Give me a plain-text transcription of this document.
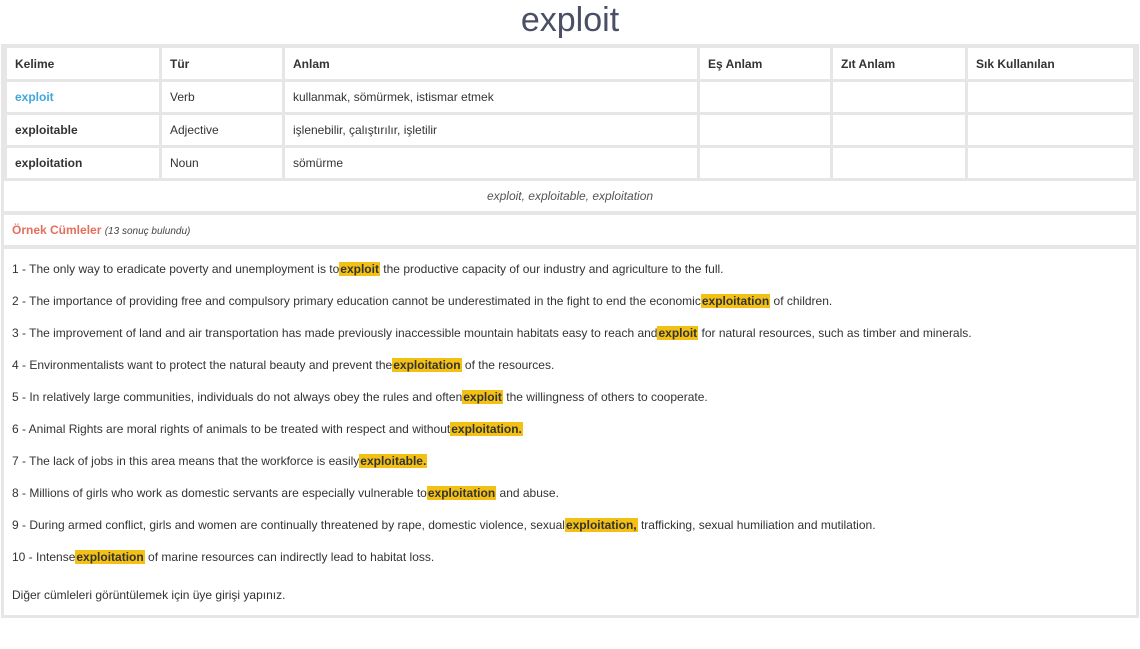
exploit
Kelime	Tür	Anlam	Eş Anlam	Zıt Anlam	Sık Kullanılan
exploit	Verb	kullanmak, sömürmek, istismar etmek			
exploitable	Adjective	işlenebilir, çalıştırılır, işletilir			
exploitation	Noun	sömürme			
exploit, exploitable, exploitation
Örnek Cümleler (13 sonuç bulundu)
1 - The only way to eradicate poverty and unemployment is toexploit the productive capacity of our industry and agriculture to the full.
2 - The importance of providing free and compulsory primary education cannot be underestimated in the fight to end the economicexploitation of children.
3 - The improvement of land and air transportation has made previously inaccessible mountain habitats easy to reach andexploit for natural resources, such as timber and minerals.
4 - Environmentalists want to protect the natural beauty and prevent theexploitation of the resources.
5 - In relatively large communities, individuals do not always obey the rules and oftenexploit the willingness of others to cooperate.
6 - Animal Rights are moral rights of animals to be treated with respect and withoutexploitation.
7 - The lack of jobs in this area means that the workforce is easilyexploitable.
8 - Millions of girls who work as domestic servants are especially vulnerable toexploitation and abuse.
9 - During armed conflict, girls and women are continually threatened by rape, domestic violence, sexualexploitation, trafficking, sexual humiliation and mutilation.
10 - Intenseexploitation of marine resources can indirectly lead to habitat loss.
Diğer cümleleri görüntülemek için üye girişi yapınız.
